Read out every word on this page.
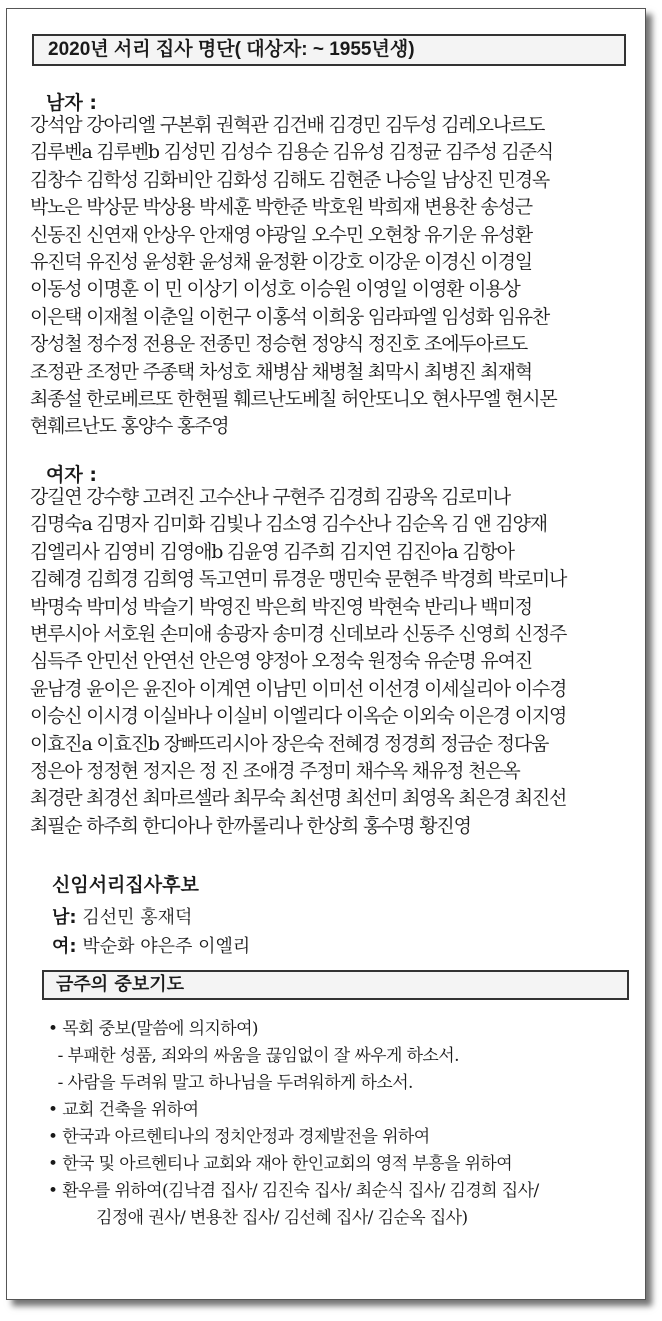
2020년 서리 집사 명단( 대상자: ~ 1955년생)
남자 :
강석암 강아리엘 구본휘 권혁관 김건배 김경민 김두성 김레오나르도
김루벤a 김루벤b 김성민 김성수 김용순 김유성 김정균 김주성 김준식
김창수 김학성 김화비안 김화성 김해도 김현준 나승일 남상진 민경옥
박노은 박상문 박상용 박세훈 박한준 박호원 박희재 변용찬 송성근
신동진 신연재 안상우 안재영 야광일 오수민 오현창 유기운 유성환
유진덕 유진성 윤성환 윤성채 윤정환 이강호 이강운 이경신 이경일
이동성 이명훈 이 민 이상기 이성호 이승원 이영일 이영환 이용상
이은택 이재철 이춘일 이헌구 이홍석 이희웅 임라파엘 임성화 임유찬
장성철 정수정 전용운 전종민 정승현 정양식 정진호 조에두아르도
조정관 조정만 주종택 차성호 채병삼 채병철 최막시 최병진 최재혁
최종설 한로베르또 한현필 훼르난도베칠 허안또니오 현사무엘 현시몬
현훼르난도 홍양수 홍주영
여자 :
강길연 강수향 고려진 고수산나 구현주 김경희 김광옥 김로미나
김명숙a 김명자 김미화 김빛나 김소영 김수산나 김순옥 김 앤 김양재
김엘리사 김영비 김영애b 김윤영 김주희 김지연 김진아a 김항아
김혜경 김희경 김희영 독고연미 류경운 맹민숙 문현주 박경희 박로미나
박명숙 박미성 박슬기 박영진 박은희 박진영 박현숙 반리나 백미정
변루시아 서호원 손미애 송광자 송미경 신데보라 신동주 신영희 신정주
심득주 안민선 안연선 안은영 양정아 오정숙 원정숙 유순명 유여진
윤남경 윤이은 윤진아 이계연 이남민 이미선 이선경 이세실리아 이수경
이승신 이시경 이실바나 이실비 이엘리다 이옥순 이외숙 이은경 이지영
이효진a 이효진b 장빠뜨리시아 장은숙 전혜경 정경희 정금순 정다움
정은아 정정현 정지은 정 진 조애경 주정미 채수옥 채유정 천은옥
최경란 최경선 최마르셀라 최무숙 최선명 최선미 최영옥 최은경 최진선
최필순 하주희 한디아나 한까롤리나 한상희 홍수명 황진영
신임서리집사후보
남: 김선민 홍재덕
여: 박순화 야은주 이엘리
금주의 중보기도
• 목회 중보(말씀에 의지하여)
- 부패한 성품, 죄와의 싸움을 끊임없이 잘 싸우게 하소서.
- 사람을 두려워 말고 하나님을 두려워하게 하소서.
• 교회 건축을 위하여
• 한국과 아르헨티나의 정치안정과 경제발전을 위하여
• 한국 및 아르헨티나 교회와 재아 한인교회의 영적 부흥을 위하여
• 환우를 위하여(김낙겸 집사/ 김진숙 집사/ 최순식 집사/ 김경희 집사/
김정애 권사/ 변용찬 집사/ 김선혜 집사/ 김순옥 집사)
